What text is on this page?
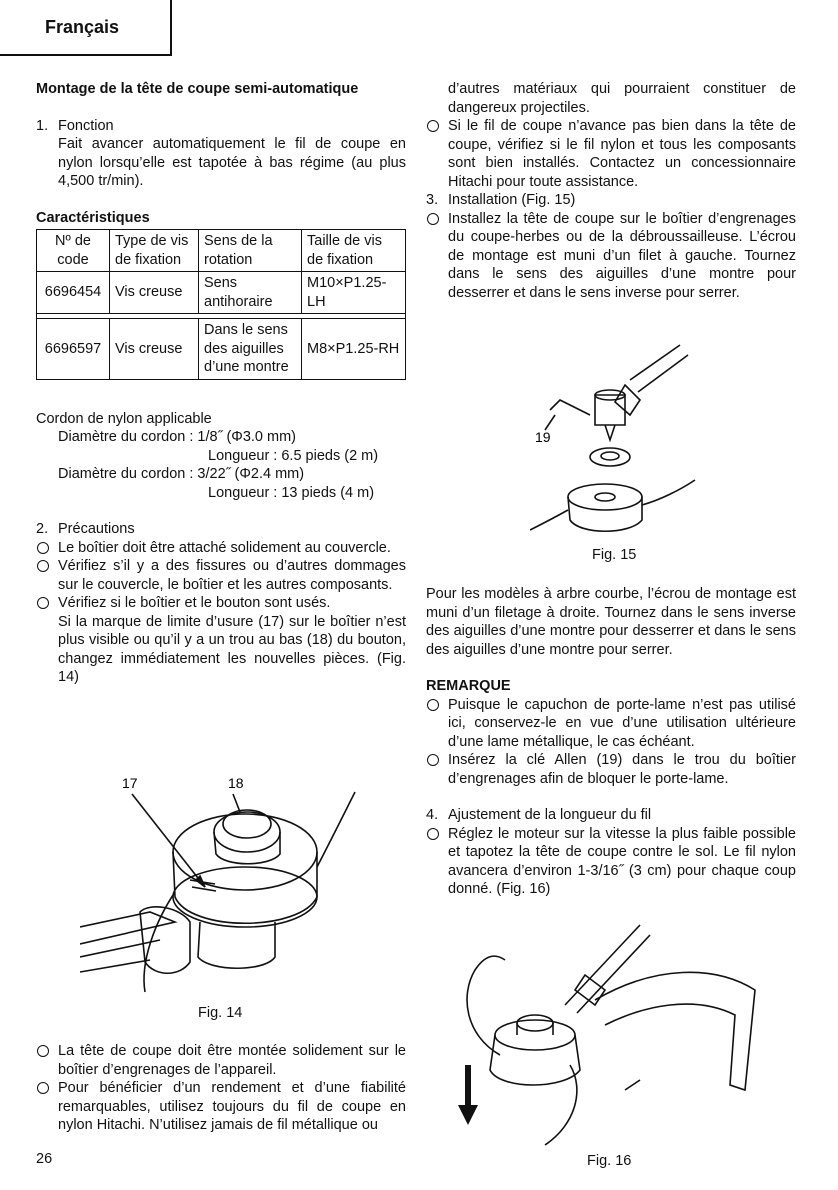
Français

Montage de la tête de coupe semi-automatique

1. Fonction
Fait avancer automatiquement le fil de coupe en nylon lorsqu’elle est tapotée à bas régime (au plus 4,500 tr/min).

Caractéristiques

Nº de code	Type de vis de fixation	Sens de la rotation	Taille de vis de fixation
6696454	Vis creuse	Sens antihoraire	M10×P1.25-LH

6696597	Vis creuse	Dans le sens des aiguilles d’une montre	M8×P1.25-RH

Cordon de nylon applicable

Diamètre du cordon : 1/8˝ (Φ3.0 mm)
Longueur : 6.5 pieds (2 m)
Diamètre du cordon : 3/22˝ (Φ2.4 mm)
Longueur : 13 pieds (4 m)
2. Précautions
Le boîtier doit être attaché solidement au couvercle.
Vérifiez s’il y a des fissures ou d’autres dommages sur le couvercle, le boîtier et les autres composants.
Vérifiez si le boîtier et le bouton sont usés.
Si la marque de limite d’usure (17) sur le boîtier n’est plus visible ou qu’il y a un trou au bas (18) du bouton, changez immédiatement les nouvelles pièces. (Fig. 14)
17	18
Fig. 14
La tête de coupe doit être montée solidement sur le boîtier d’engrenages de l’appareil.
Pour bénéficier d’un rendement et d’une fiabilité remarquables, utilisez toujours du fil de coupe en nylon Hitachi. N’utilisez jamais de fil métallique ou
d’autres matériaux qui pourraient constituer de dangereux projectiles.
Si le fil de coupe n’avance pas bien dans la tête de coupe, vérifiez si le fil nylon et tous les composants sont bien installés. Contactez un concessionnaire Hitachi pour toute assistance.
3. Installation (Fig. 15)
Installez la tête de coupe sur le boîtier d’engrenages du coupe-herbes ou de la débroussailleuse. L’écrou de montage est muni d’un filet à gauche. Tournez dans le sens des aiguilles d’une montre pour desserrer et dans le sens inverse pour serrer.
19
Fig. 15

Pour les modèles à arbre courbe, l’écrou de montage est muni d’un filetage à droite. Tournez dans le sens inverse des aiguilles d’une montre pour desserrer et dans le sens des aiguilles d’une montre pour serrer.

REMARQUE

Puisque le capuchon de porte-lame n’est pas utilisé ici, conservez-le en vue d’une utilisation ultérieure d’une lame métallique, le cas échéant.
Insérez la clé Allen (19) dans le trou du boîtier d’engrenages afin de bloquer le porte-lame.
4. Ajustement de la longueur du fil
Réglez le moteur sur la vitesse la plus faible possible et tapotez la tête de coupe contre le sol. Le fil nylon avancera d’environ 1-3/16˝ (3 cm) pour chaque coup donné. (Fig. 16)
Fig. 16
26
